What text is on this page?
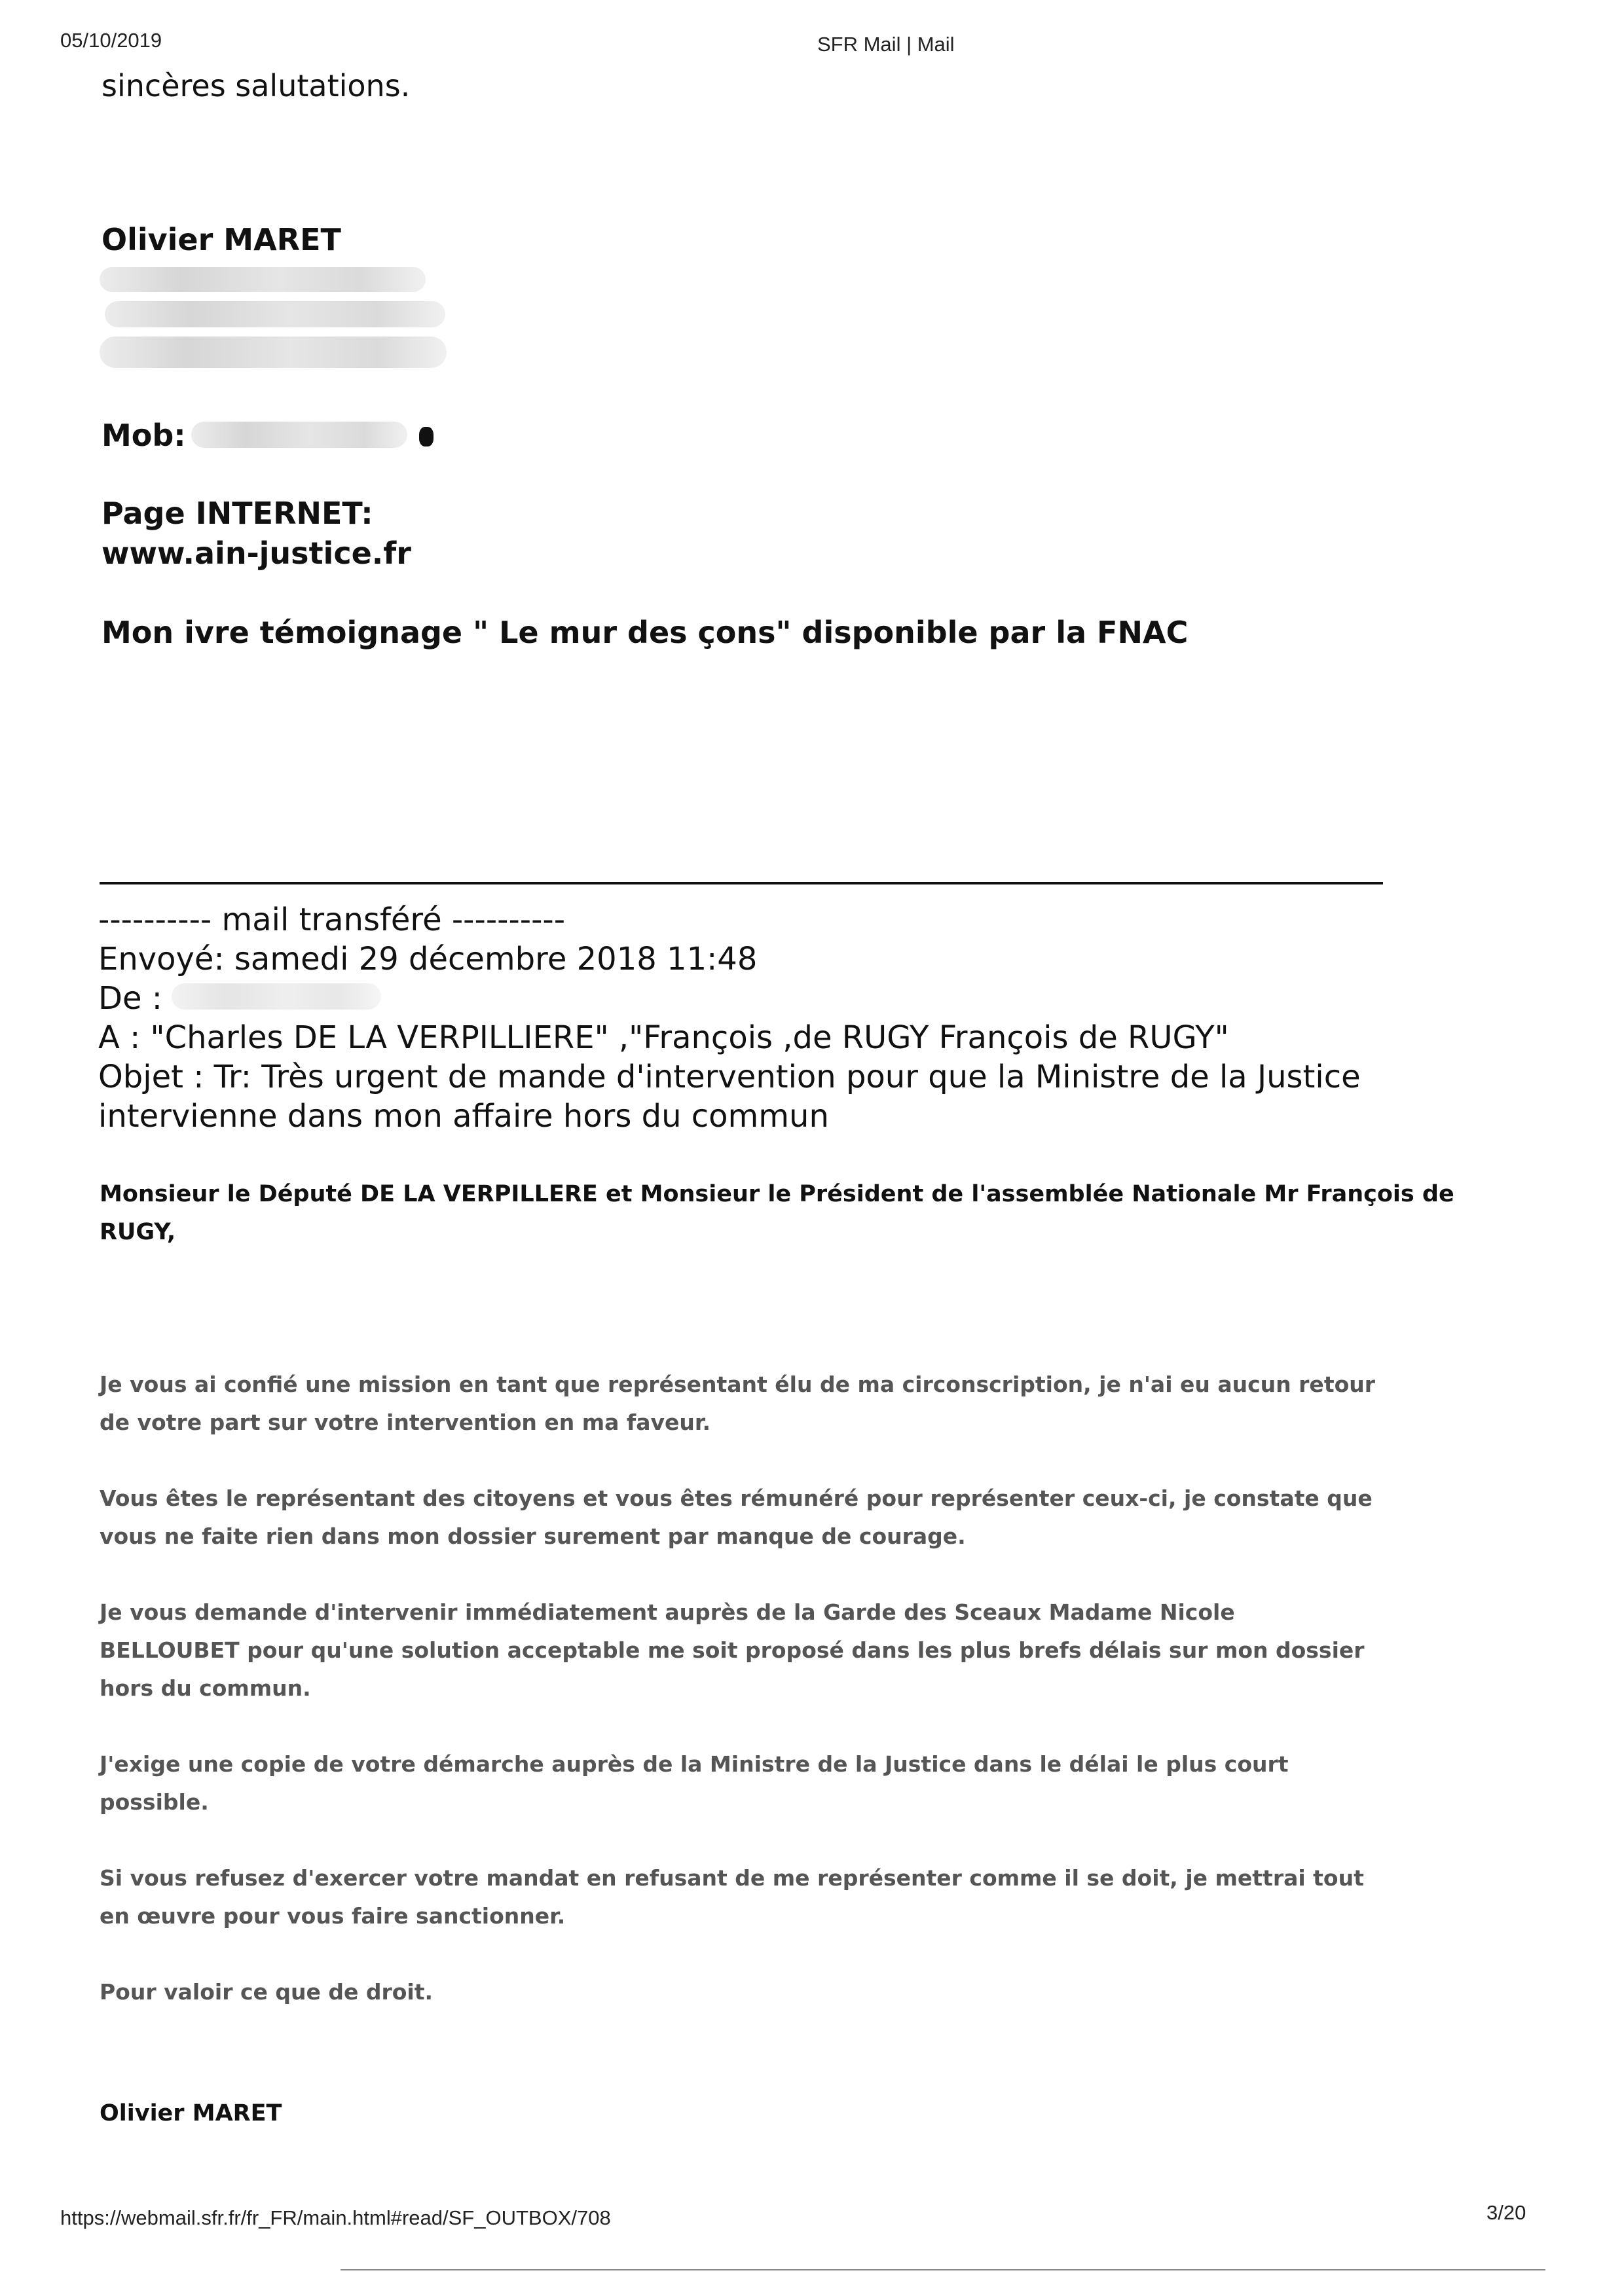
05/10/2019	SFR Mail | Mail
sincères salutations.
Olivier MARET
Mob:
Page INTERNET:
www.ain-justice.fr
Mon ivre témoignage " Le mur des çons" disponible par la FNAC
---------- mail transféré ----------
Envoyé: samedi 29 décembre 2018 11:48
De :
A : "Charles DE LA VERPILLIERE" ,"François ,de RUGY François de RUGY"
Objet : Tr: Très urgent de mande d'intervention pour que la Ministre de la Justice
intervienne dans mon affaire hors du commun
Monsieur le Député DE LA VERPILLERE et Monsieur le Président de l'assemblée Nationale Mr François de
RUGY,
Je vous ai confié une mission en tant que représentant élu de ma circonscription, je n'ai eu aucun retour
de votre part sur votre intervention en ma faveur.
Vous êtes le représentant des citoyens et vous êtes rémunéré pour représenter ceux-ci, je constate que
vous ne faite rien dans mon dossier surement par manque de courage.
Je vous demande d'intervenir immédiatement auprès de la Garde des Sceaux Madame Nicole
BELLOUBET pour qu'une solution acceptable me soit proposé dans les plus brefs délais sur mon dossier
hors du commun.
J'exige une copie de votre démarche auprès de la Ministre de la Justice dans le délai le plus court
possible.
Si vous refusez d'exercer votre mandat en refusant de me représenter comme il se doit, je mettrai tout
en œuvre pour vous faire sanctionner.
Pour valoir ce que de droit.
Olivier MARET
https://webmail.sfr.fr/fr_FR/main.html#read/SF_OUTBOX/708	3/20
